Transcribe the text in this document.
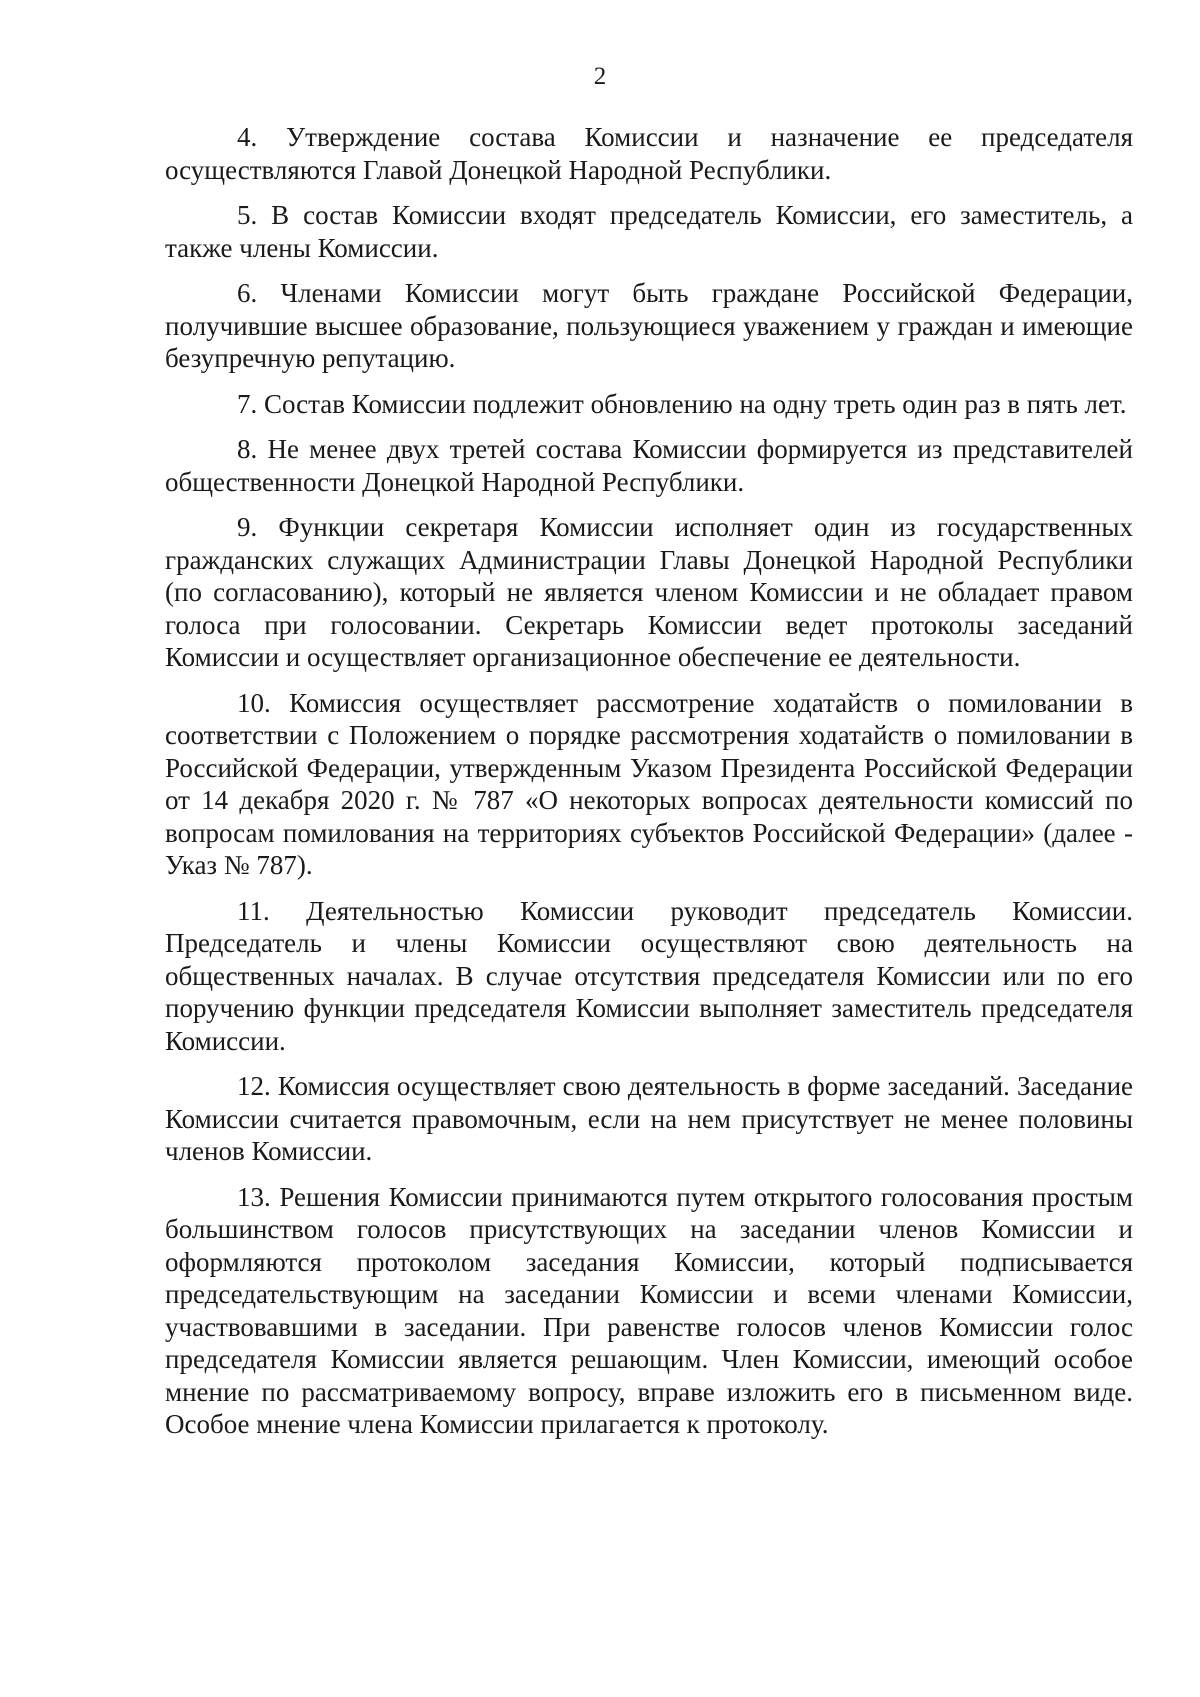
2

4. Утверждение состава Комиссии и назначение ее председателя осуществляются Главой Донецкой Народной Республики.

5. В состав Комиссии входят председатель Комиссии, его заместитель, а также члены Комиссии.

6. Членами Комиссии могут быть граждане Российской Федерации, получившие высшее образование, пользующиеся уважением у граждан и имеющие безупречную репутацию.

7. Состав Комиссии подлежит обновлению на одну треть один раз в пять лет.

8. Не менее двух третей состава Комиссии формируется из представителей общественности Донецкой Народной Республики.

9. Функции секретаря Комиссии исполняет один из государственных гражданских служащих Администрации Главы Донецкой Народной Республики (по согласованию), который не является членом Комиссии и не обладает правом голоса при голосовании. Секретарь Комиссии ведет протоколы заседаний Комиссии и осуществляет организационное обеспечение ее деятельности.

10. Комиссия осуществляет рассмотрение ходатайств о помиловании в соответствии с Положением о порядке рассмотрения ходатайств о помиловании в Российской Федерации, утвержденным Указом Президента Российской Федерации от 14 декабря 2020 г. № 787 «О некоторых вопросах деятельности комиссий по вопросам помилования на территориях субъектов Российской Федерации» (далее - Указ № 787).

11. Деятельностью Комиссии руководит председатель Комиссии. Председатель и члены Комиссии осуществляют свою деятельность на общественных началах. В случае отсутствия председателя Комиссии или по его поручению функции председателя Комиссии выполняет заместитель председателя Комиссии.

12. Комиссия осуществляет свою деятельность в форме заседаний. Заседание Комиссии считается правомочным, если на нем присутствует не менее половины членов Комиссии.

13. Решения Комиссии принимаются путем открытого голосования простым большинством голосов присутствующих на заседании членов Комиссии и оформляются протоколом заседания Комиссии, который подписывается председательствующим на заседании Комиссии и всеми членами Комиссии, участвовавшими в заседании. При равенстве голосов членов Комиссии голос председателя Комиссии является решающим. Член Комиссии, имеющий особое мнение по рассматриваемому вопросу, вправе изложить его в письменном виде. Особое мнение члена Комиссии прилагается к протоколу.
